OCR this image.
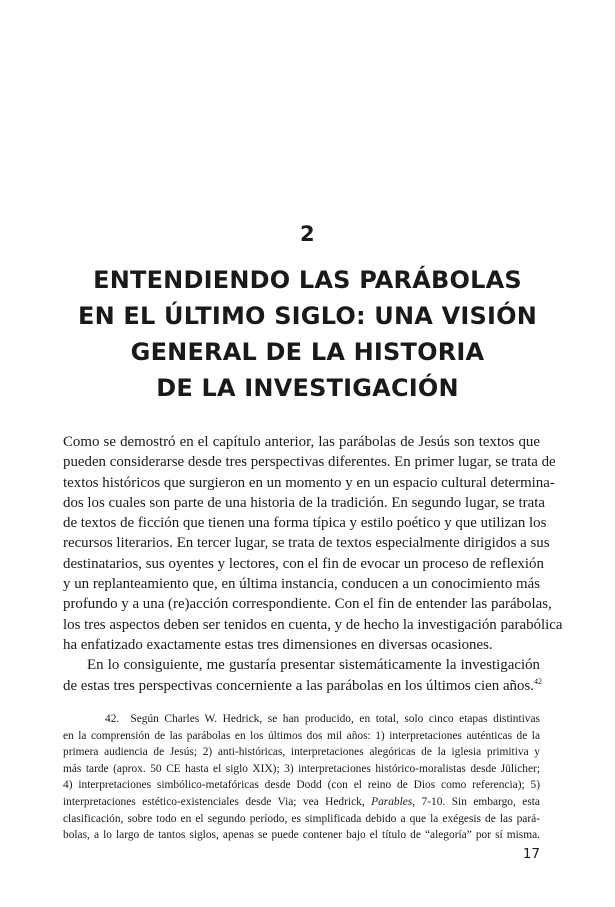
2
ENTENDIENDO LAS PARÁBOLAS
EN EL ÚLTIMO SIGLO: UNA VISIÓN
GENERAL DE LA HISTORIA
DE LA INVESTIGACIÓN
Como se demostró en el capítulo anterior, las parábolas de Jesús son textos que
pueden considerarse desde tres perspectivas diferentes. En primer lugar, se trata de
textos históricos que surgieron en un momento y en un espacio cultural determina-
dos los cuales son parte de una historia de la tradición. En segundo lugar, se trata
de textos de ficción que tienen una forma típica y estilo poético y que utilizan los
recursos literarios. En tercer lugar, se trata de textos especialmente dirigidos a sus
destinatarios, sus oyentes y lectores, con el fin de evocar un proceso de reflexión
y un replanteamiento que, en última instancia, conducen a un conocimiento más
profundo y a una (re)acción correspondiente. Con el fin de entender las parábolas,
los tres aspectos deben ser tenidos en cuenta, y de hecho la investigación parabólica
ha enfatizado exactamente estas tres dimensiones en diversas ocasiones.
En lo consiguiente, me gustaría presentar sistemáticamente la investigación
de estas tres perspectivas concerniente a las parábolas en los últimos cien años.$^{42}$
42. Según Charles W. Hedrick, se han producido, en total, solo cinco etapas distintivas
en la comprensión de las parábolas en los últimos dos mil años: 1) interpretaciones auténticas de la
primera audiencia de Jesús; 2) anti-históricas, interpretaciones alegóricas de la iglesia primitiva y
más tarde (aprox. 50 CE hasta el siglo XIX); 3) interpretaciones histórico-moralistas desde Jülicher;
4) interpretaciones simbólico-metafóricas desde Dodd (con el reino de Dios como referencia); 5)
interpretaciones estético-existenciales desde Via; vea Hedrick, Parables, 7-10. Sin embargo, esta
clasificación, sobre todo en el segundo período, es simplificada debido a que la exégesis de las pará-
bolas, a lo largo de tantos siglos, apenas se puede contener bajo el título de “alegoría” por sí misma.
17
